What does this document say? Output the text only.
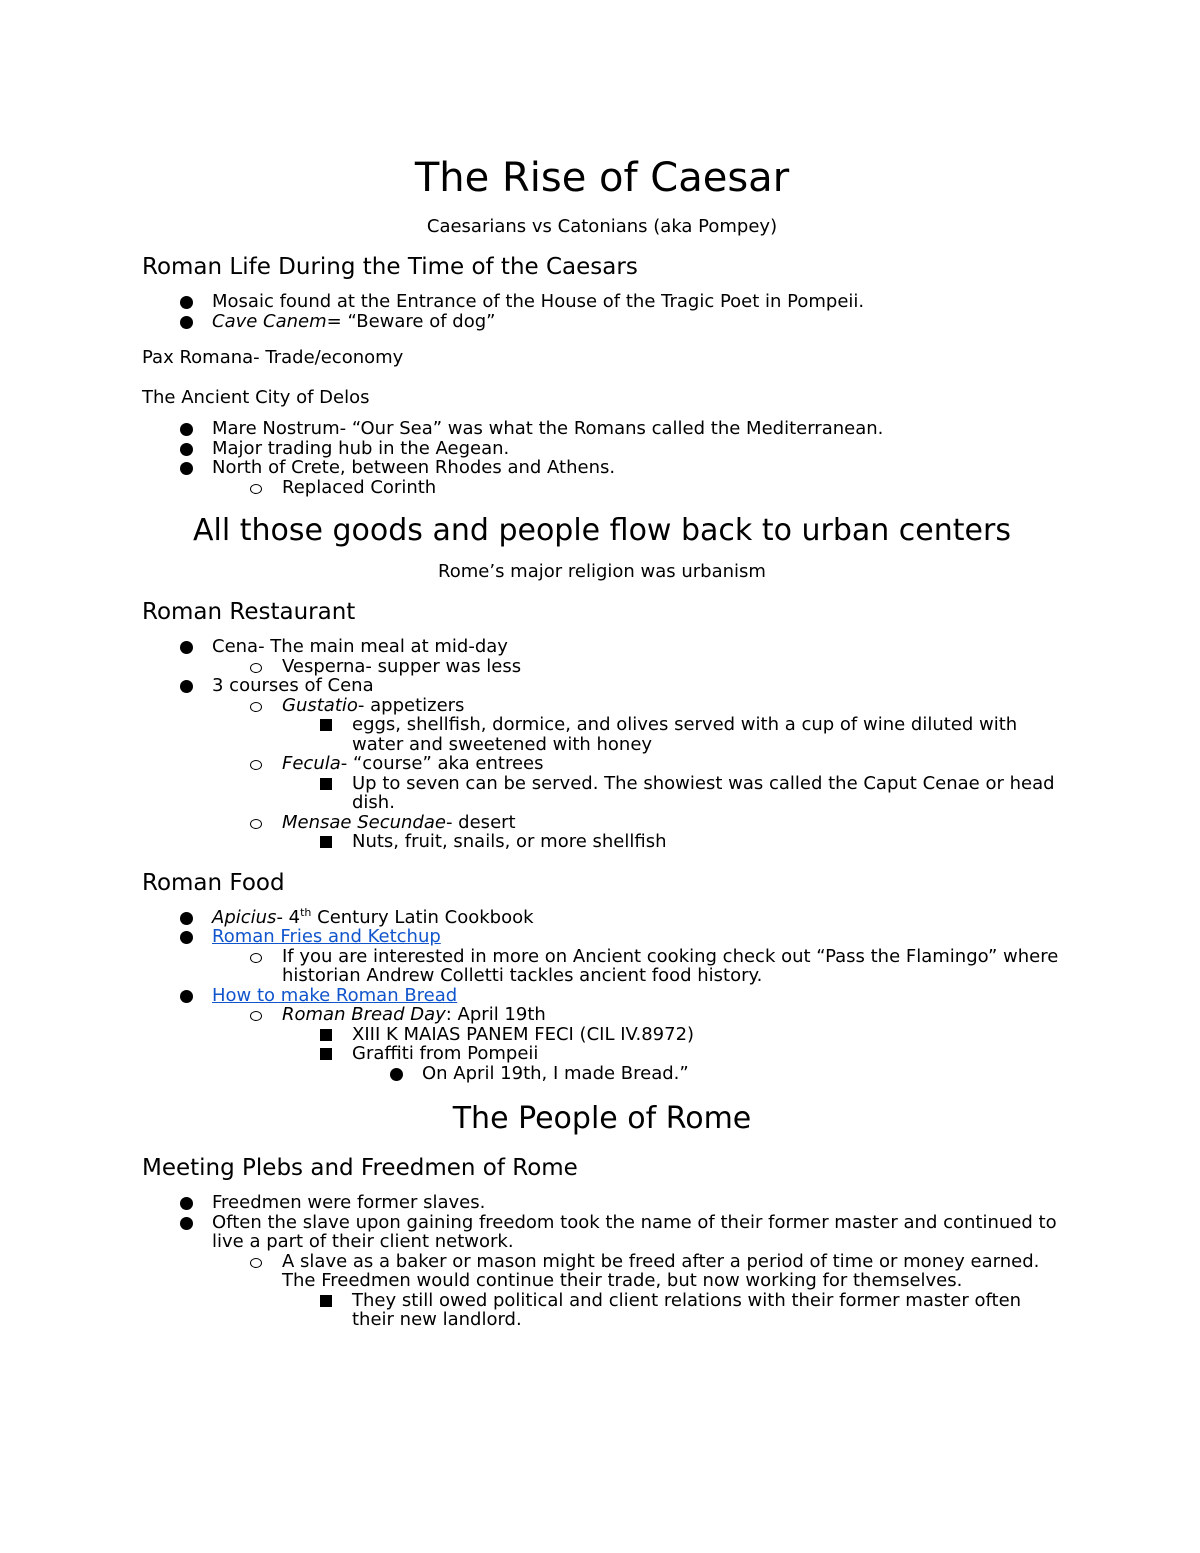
The Rise of Caesar

Caesarians vs Catonians (aka Pompey)

Roman Life During the Time of the Caesars
Mosaic found at the Entrance of the House of the Tragic Poet in Pompeii.
Cave Canem= “Beware of dog”

Pax Romana- Trade/economy

The Ancient City of Delos

Mare Nostrum- “Our Sea” was what the Romans called the Mediterranean.
Major trading hub in the Aegean.
North of Crete, between Rhodes and Athens.
Replaced Corinth
All those goods and people flow back to urban centers

Rome’s major religion was urbanism

Roman Restaurant
Cena- The main meal at mid-day
Vesperna- supper was less
3 courses of Cena
Gustatio- appetizers
eggs, shellfish, dormice, and olives served with a cup of wine diluted with water and sweetened with honey
Fecula- “course” aka entrees
Up to seven can be served. The showiest was called the Caput Cenae or head dish.
Mensae Secundae- desert
Nuts, fruit, snails, or more shellfish
Roman Food
Apicius- 4th Century Latin Cookbook
Roman Fries and Ketchup
If you are interested in more on Ancient cooking check out “Pass the Flamingo” where historian Andrew Colletti tackles ancient food history.
How to make Roman Bread
Roman Bread Day: April 19th
XIII K MAIAS PANEM FECI (CIL IV.8972)
Graffiti from Pompeii
On April 19th, I made Bread.”
The People of Rome
Meeting Plebs and Freedmen of Rome
Freedmen were former slaves.
Often the slave upon gaining freedom took the name of their former master and continued to live a part of their client network.
A slave as a baker or mason might be freed after a period of time or money earned. The Freedmen would continue their trade, but now working for themselves.
They still owed political and client relations with their former master often their new landlord.
